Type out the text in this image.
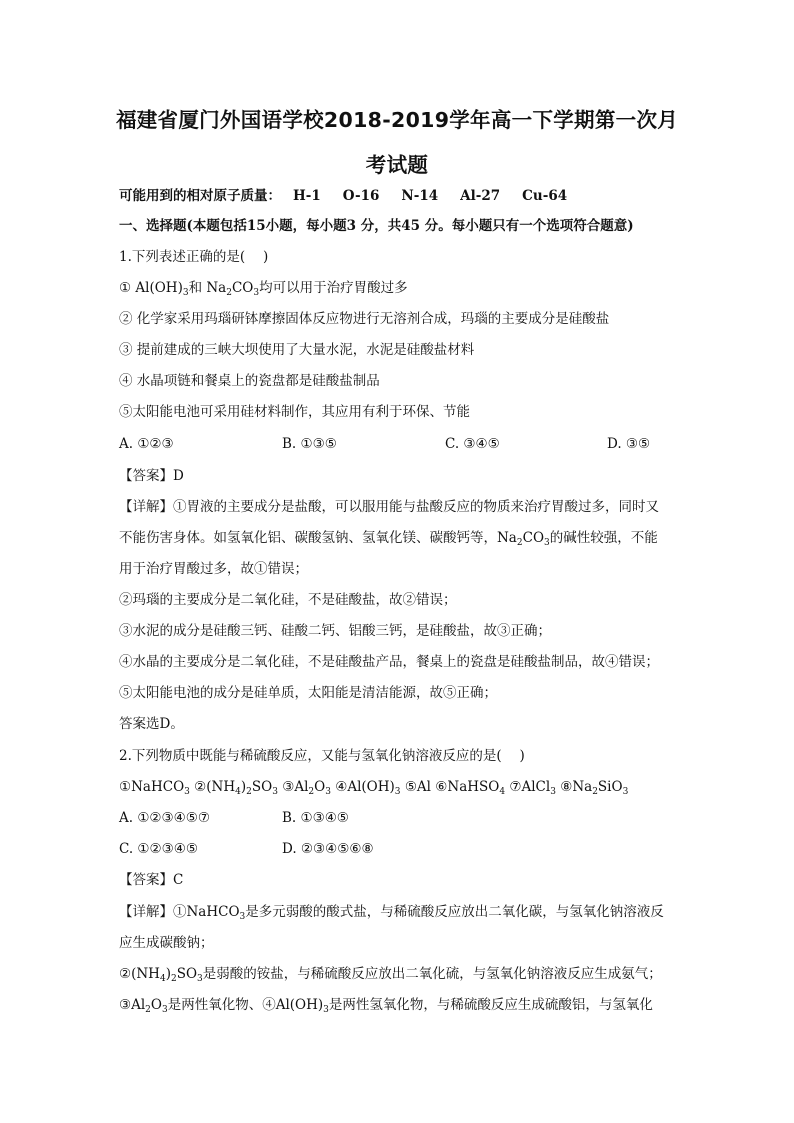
福建省厦门外国语学校2018-2019学年高一下学期第一次月
考试题
可能用到的相对原子质量： H-1 O-16 N-14 Al-27 Cu-64
一、选择题(本题包括15小题，每小题3 分，共45 分。每小题只有一个选项符合题意)
1.下列表述正确的是(　 )
① $Al(OH)_3$和 $Na_2CO_3$均可以用于治疗胃酸过多
② 化学家采用玛瑙研钵摩擦固体反应物进行无溶剂合成，玛瑙的主要成分是硅酸盐
③ 提前建成的三峡大坝使用了大量水泥，水泥是硅酸盐材料
④ 水晶项链和餐桌上的瓷盘都是硅酸盐制品
⑤太阳能电池可采用硅材料制作，其应用有利于环保、节能
A. ①②③	B. ①③⑤	C. ③④⑤	D. ③⑤
【答案】D
【详解】①胃液的主要成分是盐酸，可以服用能与盐酸反应的物质来治疗胃酸过多，同时又
不能伤害身体。如氢氧化铝、碳酸氢钠、氢氧化镁、碳酸钙等，$Na_2CO_3$的碱性较强，不能
用于治疗胃酸过多，故①错误；
②玛瑙的主要成分是二氧化硅，不是硅酸盐，故②错误；
③水泥的成分是硅酸三钙、硅酸二钙、铝酸三钙，是硅酸盐，故③正确；
④水晶的主要成分是二氧化硅，不是硅酸盐产品，餐桌上的瓷盘是硅酸盐制品，故④错误；
⑤太阳能电池的成分是硅单质，太阳能是清洁能源，故⑤正确；
答案选D。
2.下列物质中既能与稀硫酸反应，又能与氢氧化钠溶液反应的是(　 )
①NaHCO$_3$ $②(NH_4)_2SO_3$ $③Al_2O_3$ $④Al(OH)_3$ ⑤Al ⑥NaHSO$_4$ ⑦AlCl$_3$ $⑧Na_2SiO_3$
A. ①②③④⑤⑦	B. ①③④⑤
C. ①②③④⑤	D. ②③④⑤⑥⑧
【答案】C
【详解】①NaHCO$_3$是多元弱酸的酸式盐，与稀硫酸反应放出二氧化碳，与氢氧化钠溶液反
应生成碳酸钠；
$②(NH_4)_2SO_3$是弱酸的铵盐，与稀硫酸反应放出二氧化硫，与氢氧化钠溶液反应生成氨气；
$③Al_2O_3$是两性氧化物、$④Al(OH)_3$是两性氢氧化物，与稀硫酸反应生成硫酸铝，与氢氧化
